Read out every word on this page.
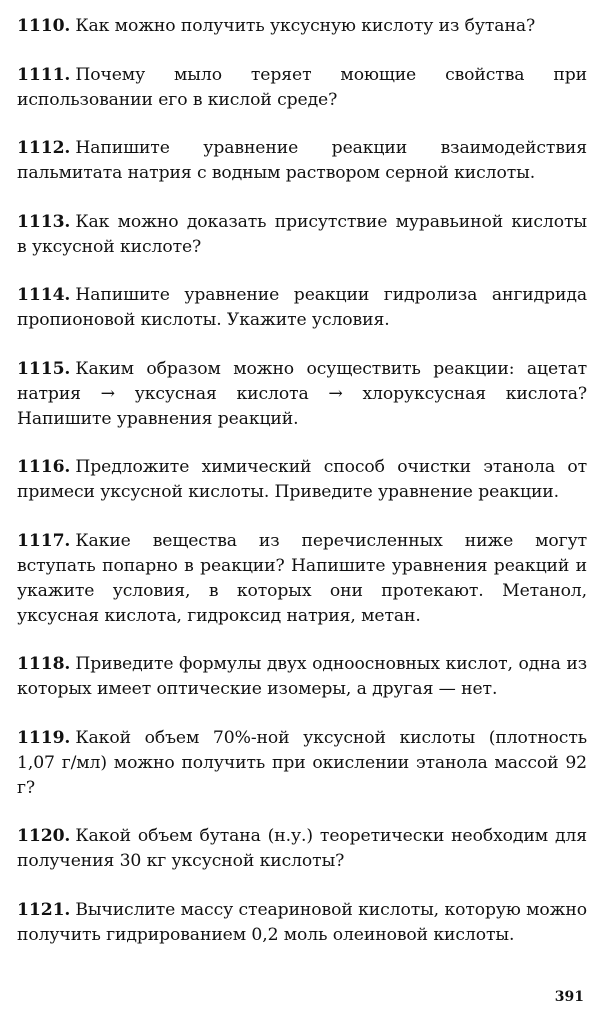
1110. Как можно получить уксусную кислоту из бутана?
1111. Почему мыло теряет моющие свойства при использовании его в кислой среде?
1112. Напишите уравнение реакции взаимодействия пальмитата натрия с водным раствором серной кислоты.
1113. Как можно доказать присутствие муравьиной кислоты в уксусной кислоте?
1114. Напишите уравнение реакции гидролиза ангидрида пропионовой кислоты. Укажите условия.
1115. Каким образом можно осуществить реакции: ацетат натрия → уксусная кислота → хлоруксусная кислота? Напишите уравнения реакций.
1116. Предложите химический способ очистки этанола от примеси уксусной кислоты. Приведите уравнение реакции.
1117. Какие вещества из перечисленных ниже могут вступать попарно в реакции? Напишите уравнения реакций и укажите условия, в которых они протекают. Метанол, уксусная кислота, гидроксид натрия, метан.
1118. Приведите формулы двух одноосновных кислот, одна из которых имеет оптические изомеры, а другая — нет.
1119. Какой объем 70%-ной уксусной кислоты (плотность 1,07 г/мл) можно получить при окислении этанола массой 92 г?
1120. Какой объем бутана (н.у.) теоретически необходим для получения 30 кг уксусной кислоты?
1121. Вычислите массу стеариновой кислоты, которую можно получить гидрированием 0,2 моль олеиновой кислоты.
391
